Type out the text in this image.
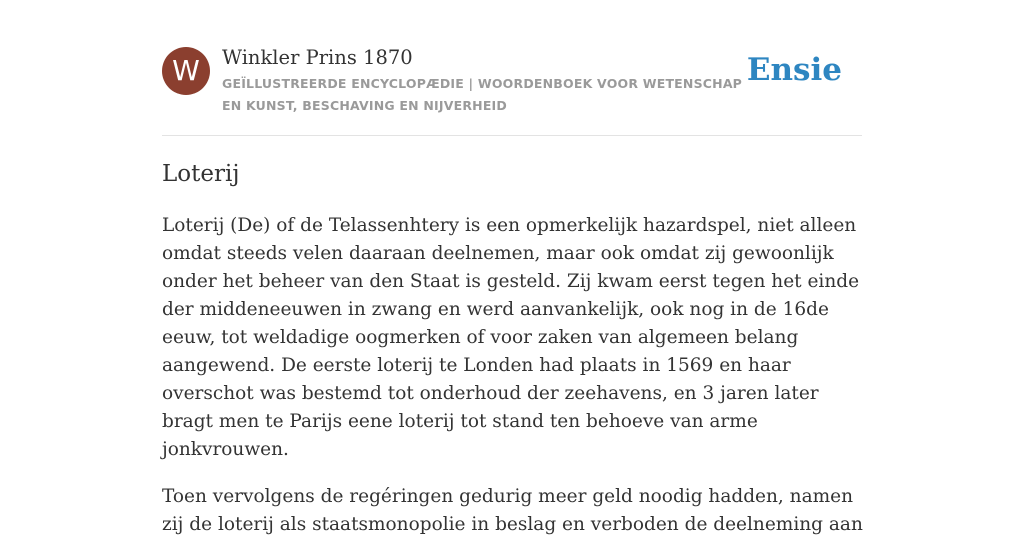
W	Winkler Prins 1870
GEÏLLUSTREERDE ENCYCLOPÆDIE | WOORDENBOEK VOOR WETENSCHAP EN KUNST, BESCHAVING EN NIJVERHEID
Ensie
Loterij

Loterij (De) of de Telassenhtery is een opmerkelijk hazardspel, niet alleen omdat steeds velen daaraan deelnemen, maar ook omdat zij gewoonlijk onder het beheer van den Staat is gesteld. Zij kwam eerst tegen het einde der middeneeuwen in zwang en werd aanvankelijk, ook nog in de 16de eeuw, tot weldadige oogmerken of voor zaken van algemeen belang aangewend. De eerste loterij te Londen had plaats in 1569 en haar overschot was bestemd tot onderhoud der zeehavens, en 3 jaren later bragt men te Parijs eene loterij tot stand ten behoeve van arme jonkvrouwen.

Toen vervolgens de regéringen gedurig meer geld noodig hadden, namen zij de loterij als staatsmonopolie in beslag en verboden de deelneming aan
